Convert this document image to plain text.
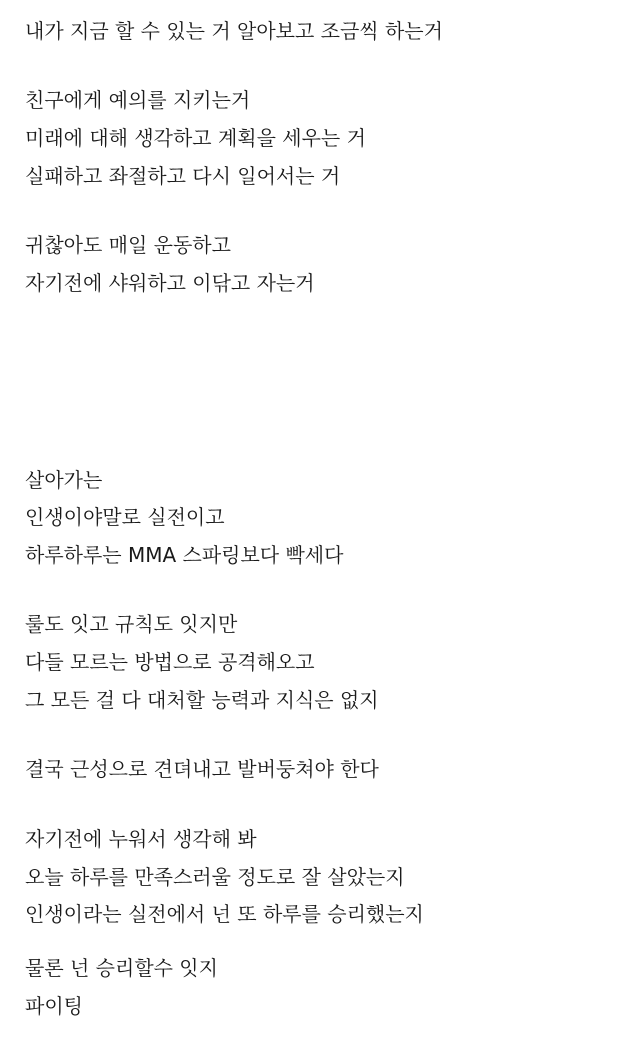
내가 지금 할 수 있는 거 알아보고 조금씩 하는거
친구에게 예의를 지키는거
미래에 대해 생각하고 계획을 세우는 거
실패하고 좌절하고 다시 일어서는 거
귀찮아도 매일 운동하고
자기전에 샤워하고 이닦고 자는거
살아가는
인생이야말로 실전이고
하루하루는 MMA 스파링보다 빡세다
룰도 잇고 규칙도 잇지만
다들 모르는 방법으로 공격해오고
그 모든 걸 다 대처할 능력과 지식은 없지
결국 근성으로 견뎌내고 발버둥쳐야 한다
자기전에 누워서 생각해 봐
오늘 하루를 만족스러울 정도로 잘 살았는지
인생이라는 실전에서 넌 또 하루를 승리했는지
물론 넌 승리할수 잇지
파이팅
